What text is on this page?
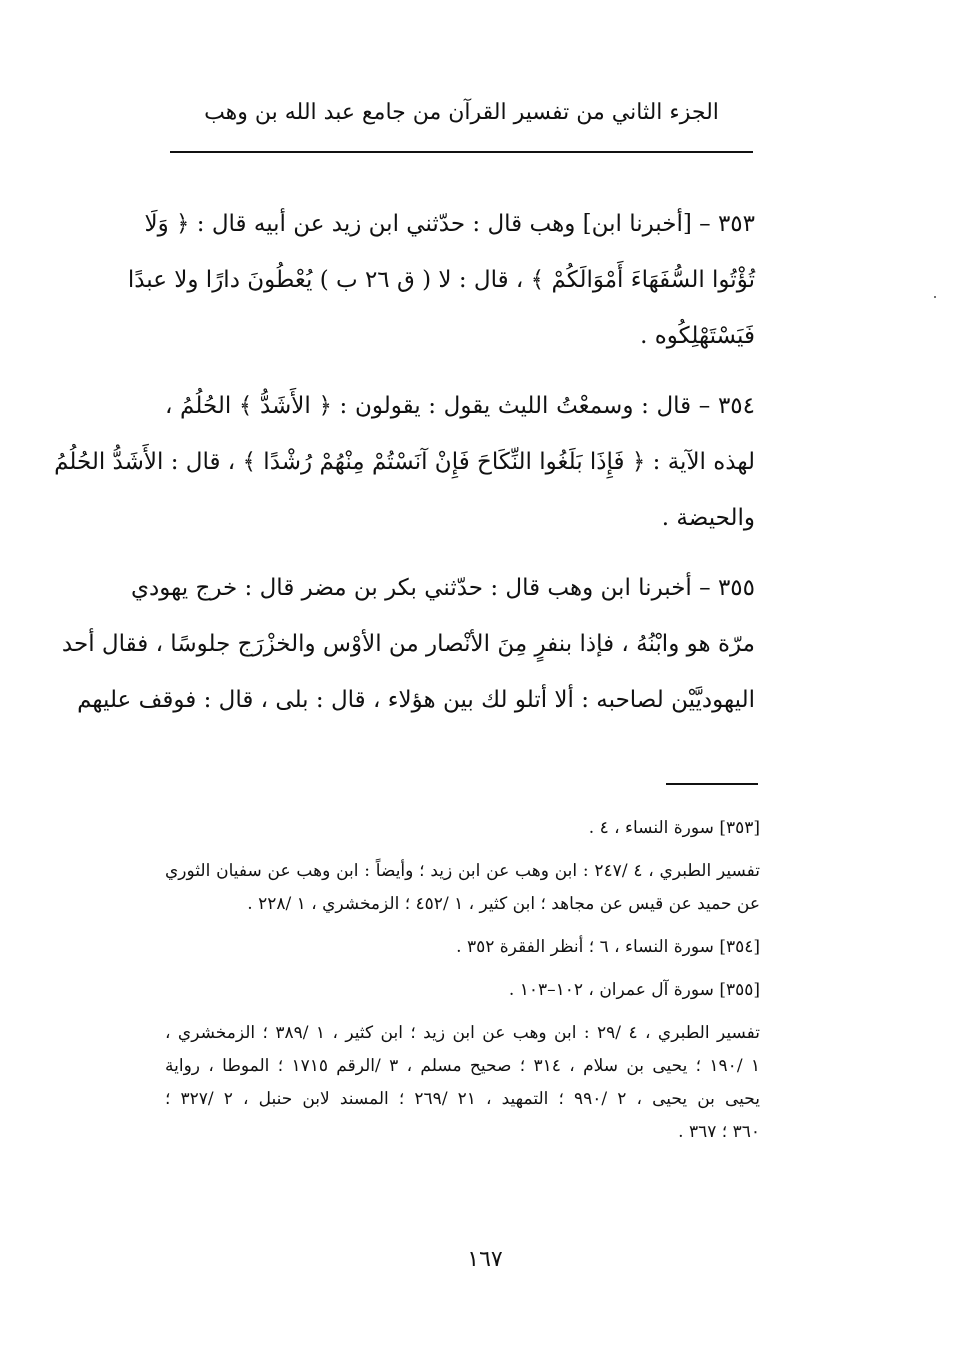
الجزء الثاني من تفسير القرآن من جامع عبد الله بن وهب
٣٥٣ – [أخبرنا ابن] وهب قال : حدّثني ابن زيد عن أبيه قال : ﴿ وَلَا
تُؤْتُوا السُّفَهَاءَ أَمْوَالَكُمْ ﴾ ، قال : لا ( ق ٢٦ ب ) يُعْطُونَ دارًا ولا عبدًا
فَيَسْتَهْلِكُوه .
٣٥٤ – قال : وسمعْتُ الليث يقول : يقولون : ﴿ الأَشَدُّ ﴾ الحُلُمُ ،
لهذه الآية : ﴿ فَإِذَا بَلَغُوا النِّكَاحَ فَإِنْ آنَسْتُمْ مِنْهُمْ رُشْدًا ﴾ ، قال : الأَشَدُّ الحُلُمُ
والحيضة .
٣٥٥ – أخبرنا ابن وهب قال : حدّثني بكر بن مضر قال : خرج يهودي
مرّة هو وابْنُهُ ، فإذا بنفرٍ مِنَ الأنْصار من الأوْس والخزْرَج جلوسًا ، فقال أحد
اليهوديَّيْن لصاحبه : ألا أتلو لك بين هؤلاء ، قال : بلى ، قال : فوقف عليهم
[٣٥٣] سورة النساء ، ٤ .
تفسير الطبري ، ٤ /٢٤٧ : ابن وهب عن ابن زيد ؛ وأيضاً : ابن وهب عن سفيان الثوري
عن حميد عن قيس عن مجاهد ؛ ابن كثير ، ١ /٤٥٢ ؛ الزمخشري ، ١ /٢٢٨ .
[٣٥٤] سورة النساء ، ٦ ؛ أنظر الفقرة ٣٥٢ .
[٣٥٥] سورة آل عمران ، ١٠٢–١٠٣ .
تفسير الطبري ، ٤ /٢٩ : ابن وهب عن ابن زيد ؛ ابن كثير ، ١ /٣٨٩ ؛ الزمخشري ،
١ /١٩٠ ؛ يحيى بن سلام ، ٣١٤ ؛ صحيح مسلم ، ٣ /الرقم ١٧١٥ ؛ الموطا ، رواية
يحيى بن يحيى ، ٢ /٩٩٠ ؛ التمهيد ، ٢١ /٢٦٩ ؛ المسند لابن حنبل ، ٢ /٣٢٧ ؛
٣٦٠ ؛ ٣٦٧ .
١٦٧
